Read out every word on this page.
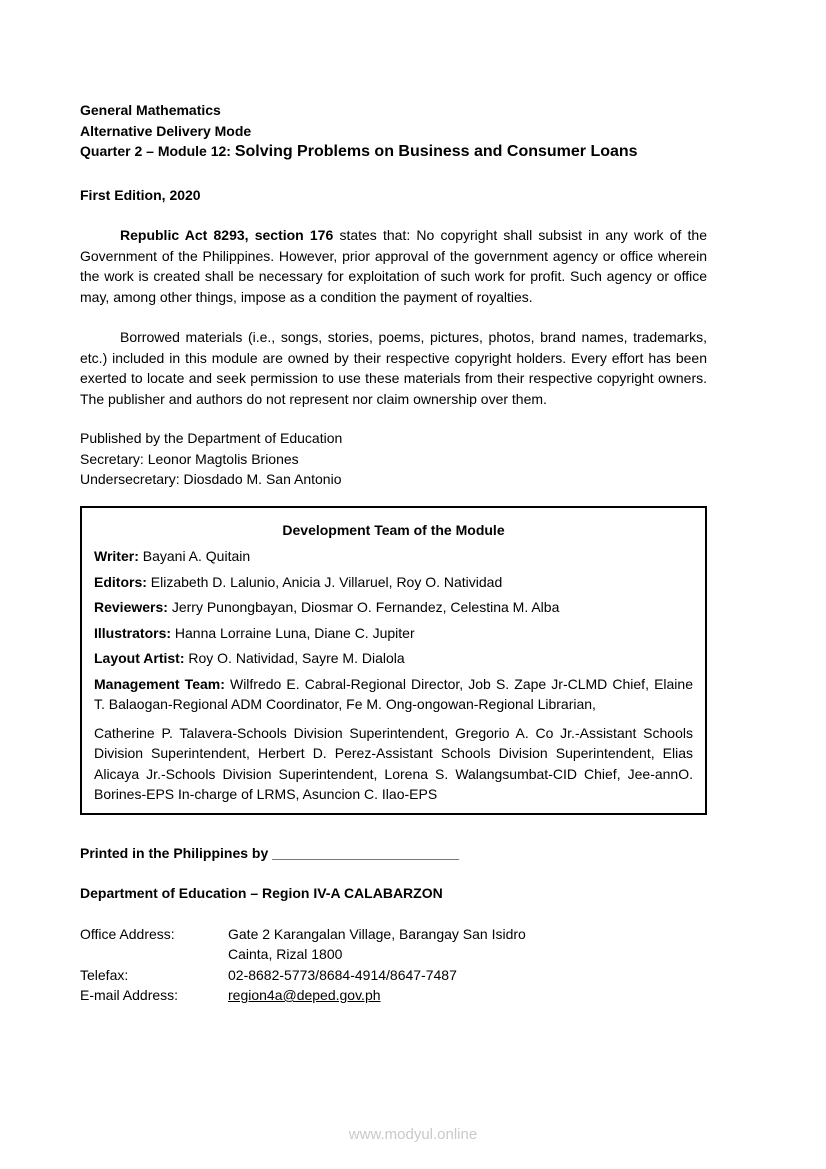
General Mathematics

Alternative Delivery Mode

Quarter 2 – Module 12: Solving Problems on Business and Consumer Loans

First Edition, 2020

Republic Act 8293, section 176 states that: No copyright shall subsist in any work of the Government of the Philippines. However, prior approval of the government agency or office wherein the work is created shall be necessary for exploitation of such work for profit. Such agency or office may, among other things, impose as a condition the payment of royalties.

Borrowed materials (i.e., songs, stories, poems, pictures, photos, brand names, trademarks, etc.) included in this module are owned by their respective copyright holders. Every effort has been exerted to locate and seek permission to use these materials from their respective copyright owners. The publisher and authors do not represent nor claim ownership over them.

Published by the Department of Education

Secretary: Leonor Magtolis Briones

Undersecretary: Diosdado M. San Antonio

Development Team of the Module

Writer: Bayani A. Quitain

Editors: Elizabeth D. Lalunio, Anicia J. Villaruel, Roy O. Natividad

Reviewers: Jerry Punongbayan, Diosmar O. Fernandez, Celestina M. Alba

Illustrators: Hanna Lorraine Luna, Diane C. Jupiter

Layout Artist: Roy O. Natividad, Sayre M. Dialola

Management Team: Wilfredo E. Cabral-Regional Director, Job S. Zape Jr-CLMD Chief, Elaine T. Balaogan-Regional ADM Coordinator, Fe M. Ong-ongowan-Regional Librarian,

Catherine P. Talavera-Schools Division Superintendent, Gregorio A. Co Jr.-Assistant Schools Division Superintendent, Herbert D. Perez-Assistant Schools Division Superintendent, Elias Alicaya Jr.-Schools Division Superintendent, Lorena S. Walangsumbat-CID Chief, Jee-annO. Borines-EPS In-charge of LRMS, Asuncion C. Ilao-EPS

Printed in the Philippines by ________________________

Department of Education – Region IV-A CALABARZON

Office Address:	Gate 2 Karangalan Village, Barangay San Isidro
Cainta, Rizal 1800
Telefax:	02-8682-5773/8684-4914/8647-7487
E-mail Address:	region4a@deped.gov.ph
www.modyul.online
